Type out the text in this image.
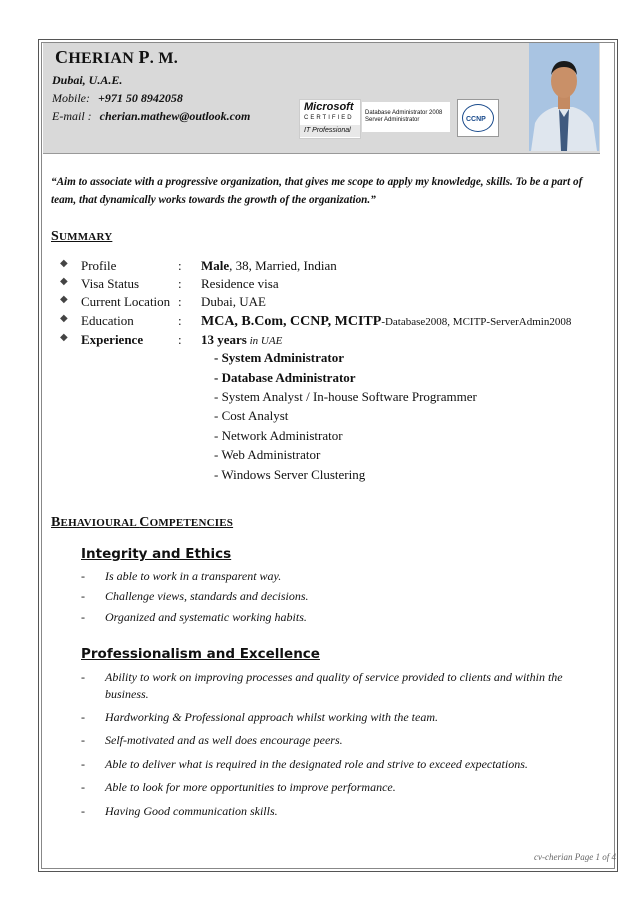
CHERIAN P. M.
Dubai, U.A.E.
Mobile: +971 50 8942058
E-mail : cherian.mathew@outlook.com
Microsoft
CERTIFIED
IT Professional
Database Administrator 2008
Server Administrator	CCNP
“Aim to associate with a progressive organization, that gives me scope to apply my knowledge, skills. To be a part of team, that dynamically works towards the growth of the organization.”
SUMMARY
◆ Profile	: Male, 38, Married, Indian
◆ Visa Status	: Residence visa
◆ Current Location : Dubai, UAE
◆ Education	: MCA, B.Com, CCNP, MCITP-Database2008, MCITP-ServerAdmin2008
◆ Experience	: 13 years in UAE
- System Administrator
- Database Administrator
- System Analyst / In-house Software Programmer
- Cost Analyst
- Network Administrator
- Web Administrator
- Windows Server Clustering
BEHAVIOURAL COMPETENCIES
Integrity and Ethics
- Is able to work in a transparent way.
- Challenge views, standards and decisions.
- Organized and systematic working habits.
Professionalism and Excellence
- Ability to work on improving processes and quality of service provided to clients and within the business.
- Hardworking & Professional approach whilst working with the team.
- Self-motivated and as well does encourage peers.
- Able to deliver what is required in the designated role and strive to exceed expectations.
- Able to look for more opportunities to improve performance.
- Having Good communication skills.
cv-cherian Page 1 of 4
